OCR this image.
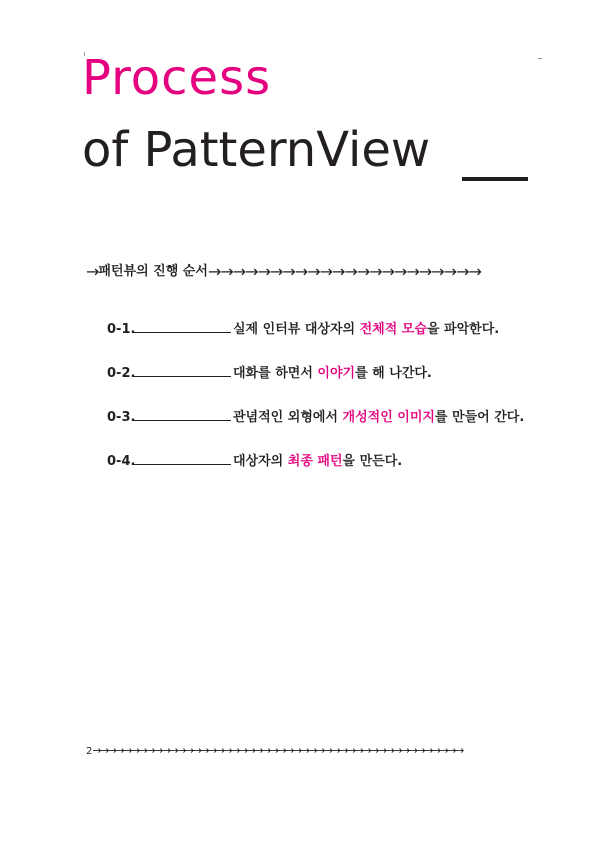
Process
of PatternView
→패턴뷰의 진행 순서→→→→→→→→→→→→→→→→→→→→→→
0-1.	실제 인터뷰 대상자의 전체적 모습을 파악한다.
0-2.	대화를 하면서 이야기를 해 나간다.
0-3.	관념적인 외형에서 개성적인 이미지를 만들어 간다.
0-4.	대상자의 최종 패턴을 만든다.
2→→→→→→→→→→→→→→→→→→→→→→→→→→→→→→→→→→→→→→→→→→→→→→→→
